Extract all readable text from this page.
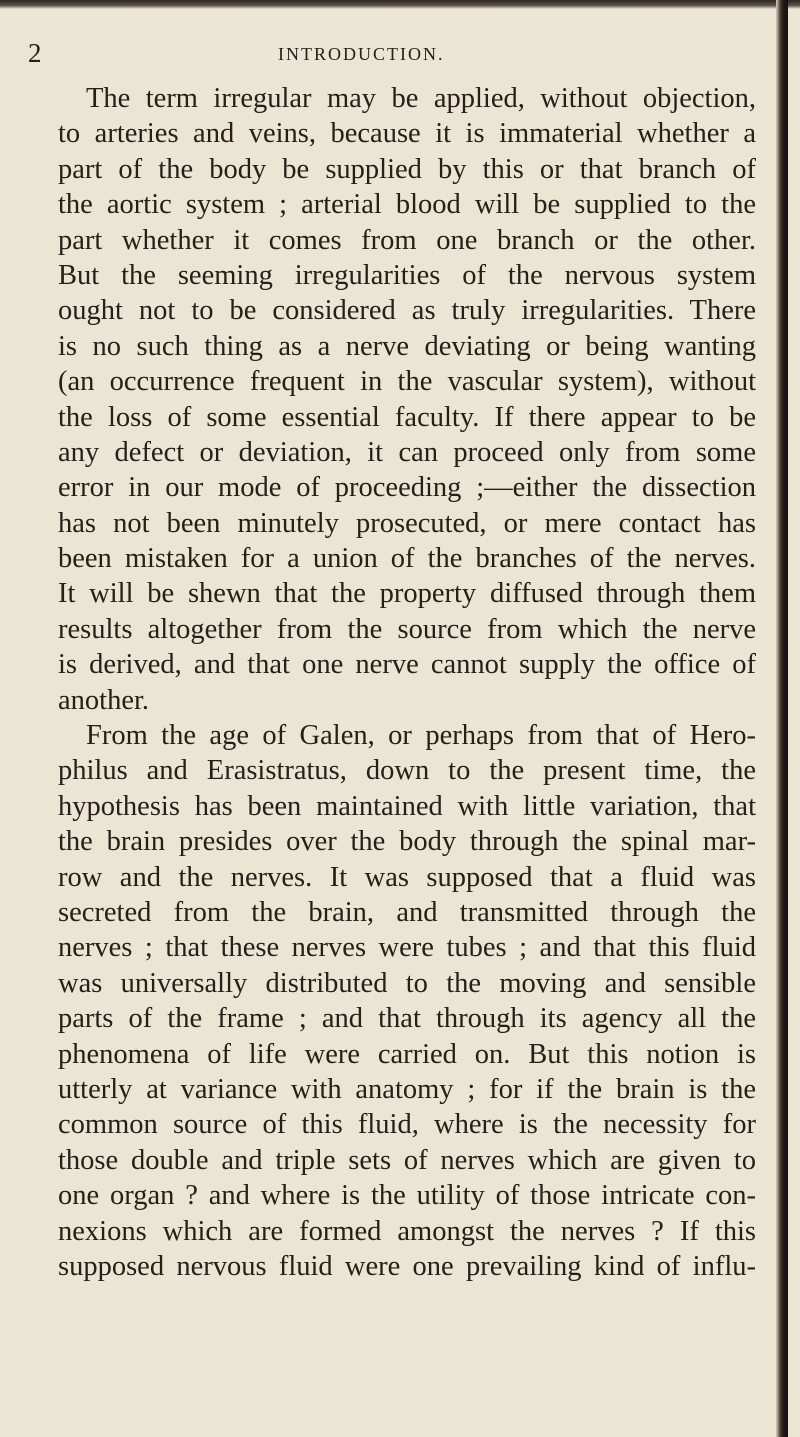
2	INTRODUCTION.
The term irregular may be applied, without objection,
to arteries and veins, because it is immaterial whether a
part of the body be supplied by this or that branch of
the aortic system ; arterial blood will be supplied to the
part whether it comes from one branch or the other.
But the seeming irregularities of the nervous system
ought not to be considered as truly irregularities. There
is no such thing as a nerve deviating or being wanting
(an occurrence frequent in the vascular system), without
the loss of some essential faculty. If there appear to be
any defect or deviation, it can proceed only from some
error in our mode of proceeding ;—either the dissection
has not been minutely prosecuted, or mere contact has
been mistaken for a union of the branches of the nerves.
It will be shewn that the property diffused through them
results altogether from the source from which the nerve
is derived, and that one nerve cannot supply the office of
another.
From the age of Galen, or perhaps from that of Hero-
philus and Erasistratus, down to the present time, the
hypothesis has been maintained with little variation, that
the brain presides over the body through the spinal mar-
row and the nerves. It was supposed that a fluid was
secreted from the brain, and transmitted through the
nerves ; that these nerves were tubes ; and that this fluid
was universally distributed to the moving and sensible
parts of the frame ; and that through its agency all the
phenomena of life were carried on. But this notion is
utterly at variance with anatomy ; for if the brain is the
common source of this fluid, where is the necessity for
those double and triple sets of nerves which are given to
one organ ? and where is the utility of those intricate con-
nexions which are formed amongst the nerves ? If this
supposed nervous fluid were one prevailing kind of influ-
